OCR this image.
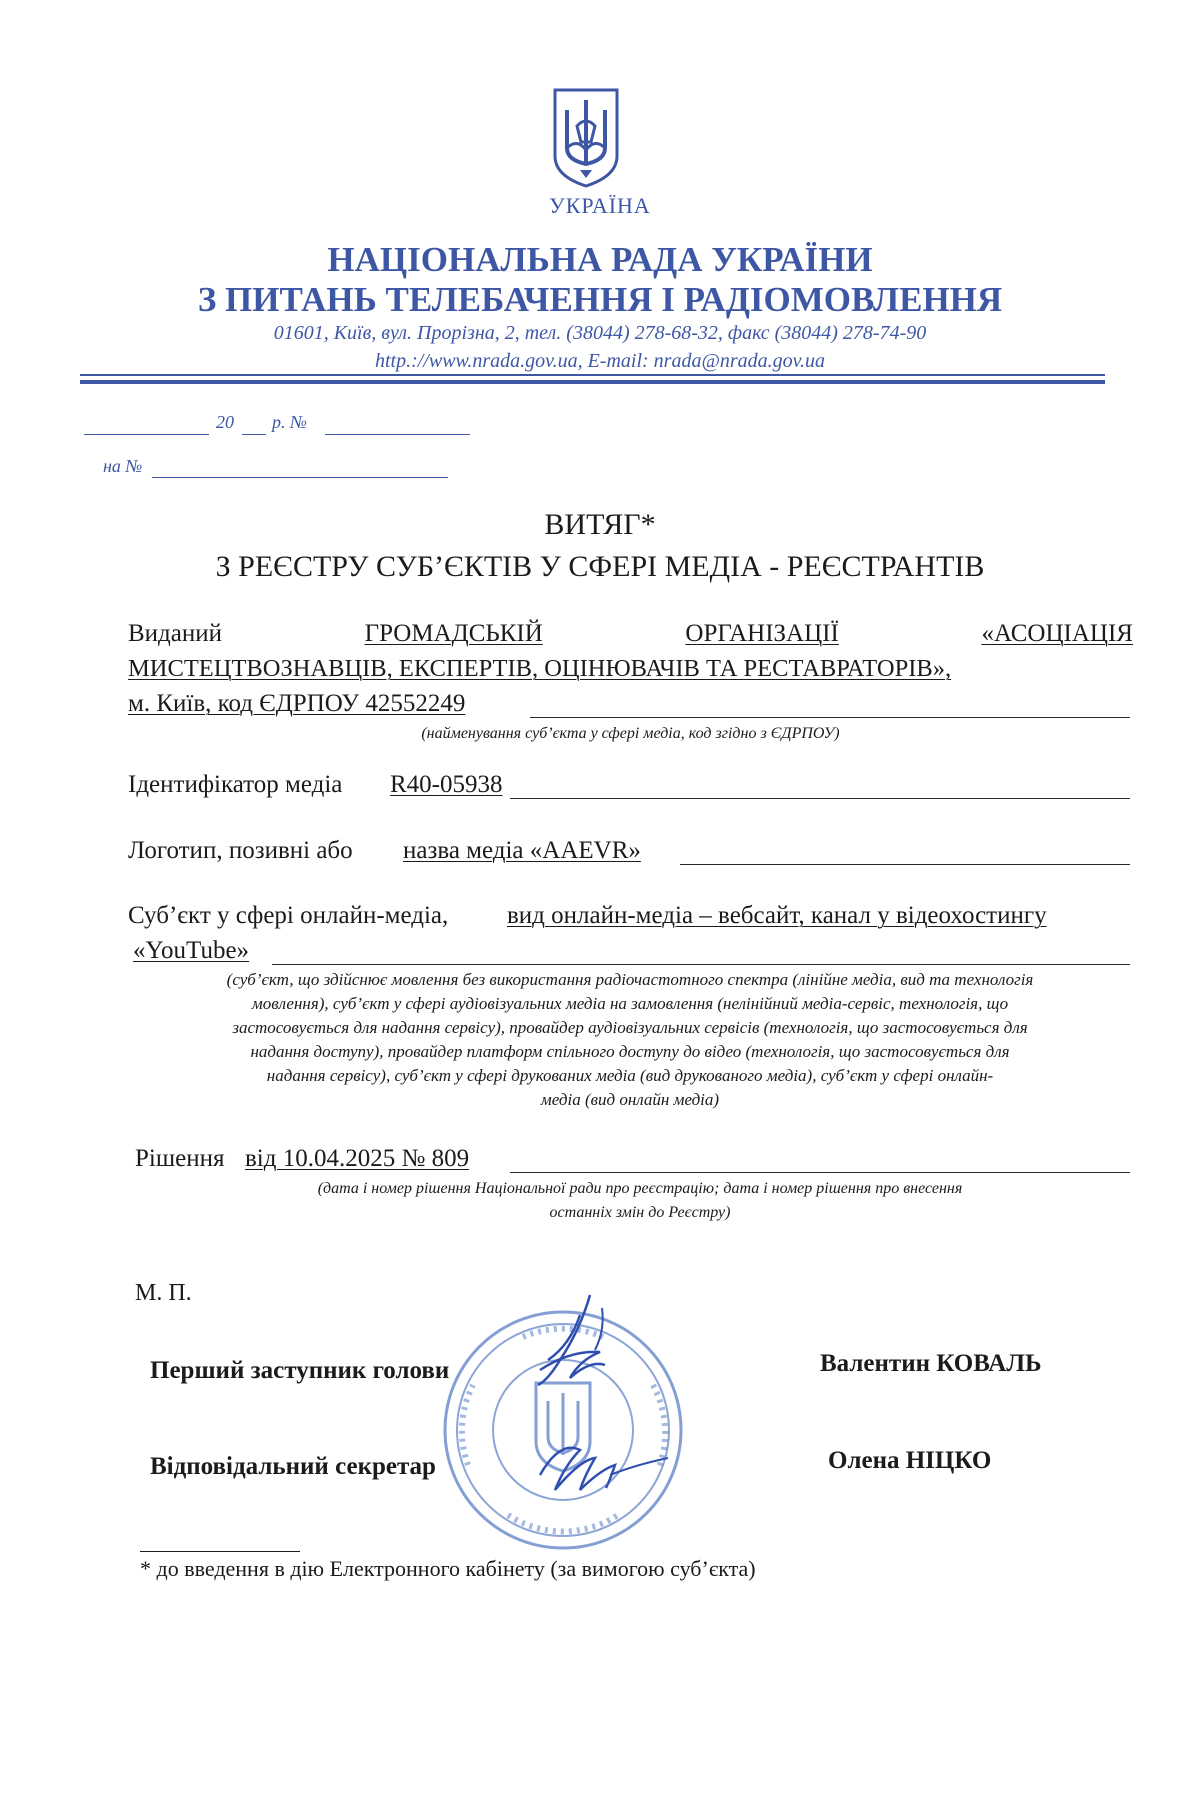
УКРАЇНА
НАЦІОНАЛЬНА РАДА УКРАЇНИ
З ПИТАНЬ ТЕЛЕБАЧЕННЯ І РАДІОМОВЛЕННЯ
01601, Київ, вул. Прорізна, 2, тел. (38044) 278-68-32, факс (38044) 278-74-90
http.://www.nrada.gov.ua, E-mail: nrada@nrada.gov.ua
20 р. №
на №
ВИТЯГ*
З РЕЄСТРУ СУБ’ЄКТІВ У СФЕРІ МЕДІА - РЕЄСТРАНТІВ
Виданий	ГРОМАДСЬКІЙ	ОРГАНІЗАЦІЇ	«АСОЦІАЦІЯ
МИСТЕЦТВОЗНАВЦІВ, ЕКСПЕРТІВ, ОЦІНЮВАЧІВ ТА РЕСТАВРАТОРІВ»,
м. Київ, код ЄДРПОУ 42552249
(найменування суб’єкта у сфері медіа, код згідно з ЄДРПОУ)
Ідентифікатор медіа R40-05938
Логотип, позивні або назва медіа «AAEVR»
Суб’єкт у сфері онлайн-медіа, вид онлайн-медіа – вебсайт, канал у відеохостингу
«YouTube»
(суб’єкт, що здійснює мовлення без використання радіочастотного спектра (лінійне медіа, вид та технологія
мовлення), суб’єкт у сфері аудіовізуальних медіа на замовлення (нелінійний медіа-сервіс, технологія, що
застосовується для надання сервісу), провайдер аудіовізуальних сервісів (технологія, що застосовується для
надання доступу), провайдер платформ спільного доступу до відео (технологія, що застосовується для
надання сервісу), суб’єкт у сфері друкованих медіа (вид друкованого медіа), суб’єкт у сфері онлайн-
медіа (вид онлайн медіа)
Рішення від 10.04.2025 № 809
(дата і номер рішення Національної ради про реєстрацію; дата і номер рішення про внесення
останніх змін до Реєстру)
М. П.
Перший заступник голови	Валентин КОВАЛЬ
Відповідальний секретар	Олена НІЦКО
* до введення в дію Електронного кабінету (за вимогою суб’єкта)
